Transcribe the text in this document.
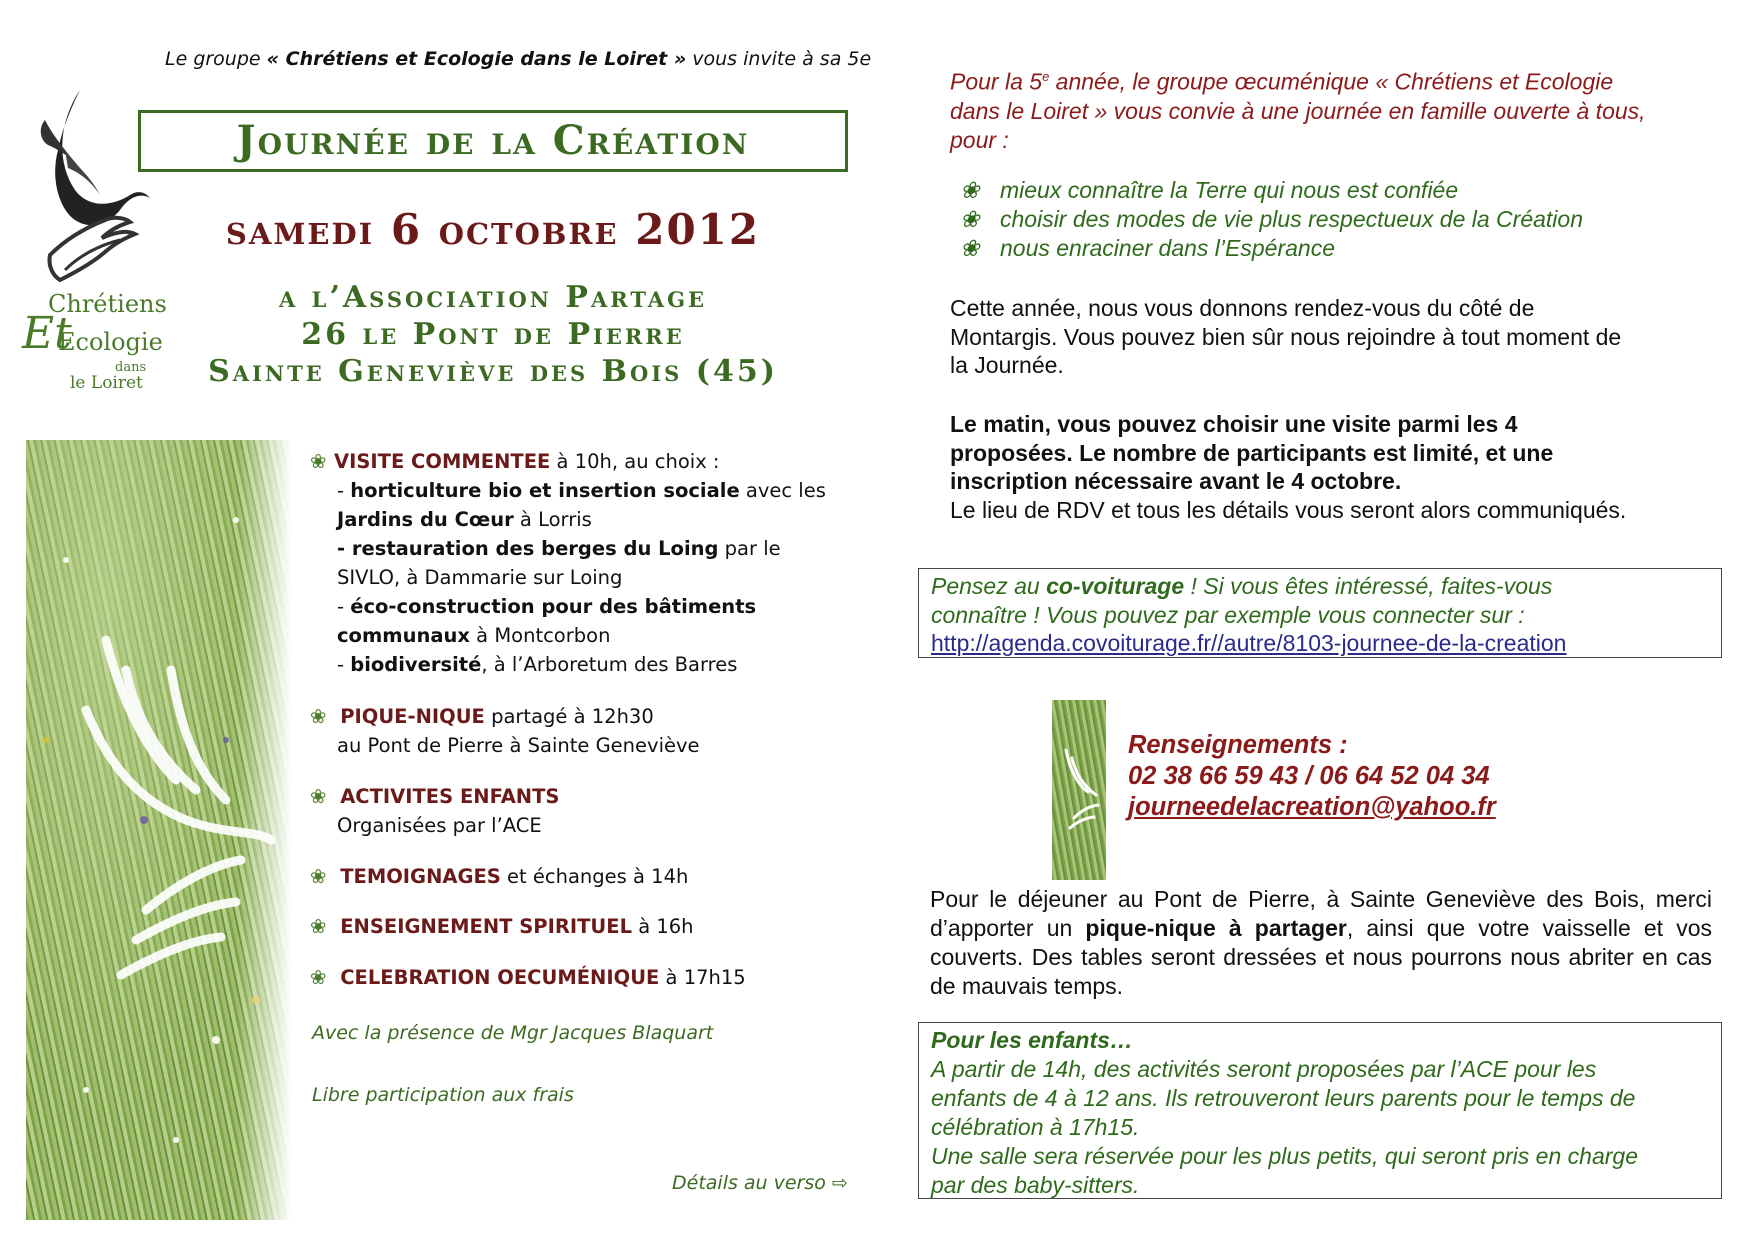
Le groupe « Chrétiens et Ecologie dans le Loiret » vous invite à sa 5e
Chrétiens
Et
Ecologie
dans
le Loiret
Journée de la Création
samedi 6 octobre 2012
a l’Association Partage
26 le Pont de Pierre
Sainte Geneviève des Bois (45)
❀ VISITE COMMENTEE à 10h, au choix :
- horticulture bio et insertion sociale avec les
Jardins du Cœur à Lorris
- restauration des berges du Loing par le
SIVLO, à Dammarie sur Loing
- éco-construction pour des bâtiments
communaux à Montcorbon
- biodiversité, à l’Arboretum des Barres
❀ PIQUE-NIQUE partagé à 12h30
au Pont de Pierre à Sainte Geneviève
❀ ACTIVITES ENFANTS
Organisées par l’ACE
❀ TEMOIGNAGES et échanges à 14h
❀ ENSEIGNEMENT SPIRITUEL à 16h
❀ CELEBRATION OECUMÉNIQUE à 17h15
Avec la présence de Mgr Jacques Blaquart
Libre participation aux frais
Détails au verso ⇨
Pour la 5e année, le groupe œcuménique « Chrétiens et Ecologie
dans le Loiret » vous convie à une journée en famille ouverte à tous,
pour :
❀ mieux connaître la Terre qui nous est confiée
❀ choisir des modes de vie plus respectueux de la Création
❀ nous enraciner dans l’Espérance
Cette année, nous vous donnons rendez-vous du côté de
Montargis. Vous pouvez bien sûr nous rejoindre à tout moment de
la Journée.
Le matin, vous pouvez choisir une visite parmi les 4
proposées. Le nombre de participants est limité, et une
inscription nécessaire avant le 4 octobre.
Le lieu de RDV et tous les détails vous seront alors communiqués.
Pensez au co-voiturage ! Si vous êtes intéressé, faites-vous
connaître ! Vous pouvez par exemple vous connecter sur :
http://agenda.covoiturage.fr//autre/8103-journee-de-la-creation
Renseignements :
02 38 66 59 43 / 06 64 52 04 34
journeedelacreation@yahoo.fr
Pour le déjeuner au Pont de Pierre, à Sainte Geneviève des Bois, merci d’apporter un pique-nique à partager, ainsi que votre vaisselle et vos couverts. Des tables seront dressées et nous pourrons nous abriter en cas de mauvais temps.
Pour les enfants…
A partir de 14h, des activités seront proposées par l’ACE pour les
enfants de 4 à 12 ans. Ils retrouveront leurs parents pour le temps de
célébration à 17h15.
Une salle sera réservée pour les plus petits, qui seront pris en charge
par des baby-sitters.
